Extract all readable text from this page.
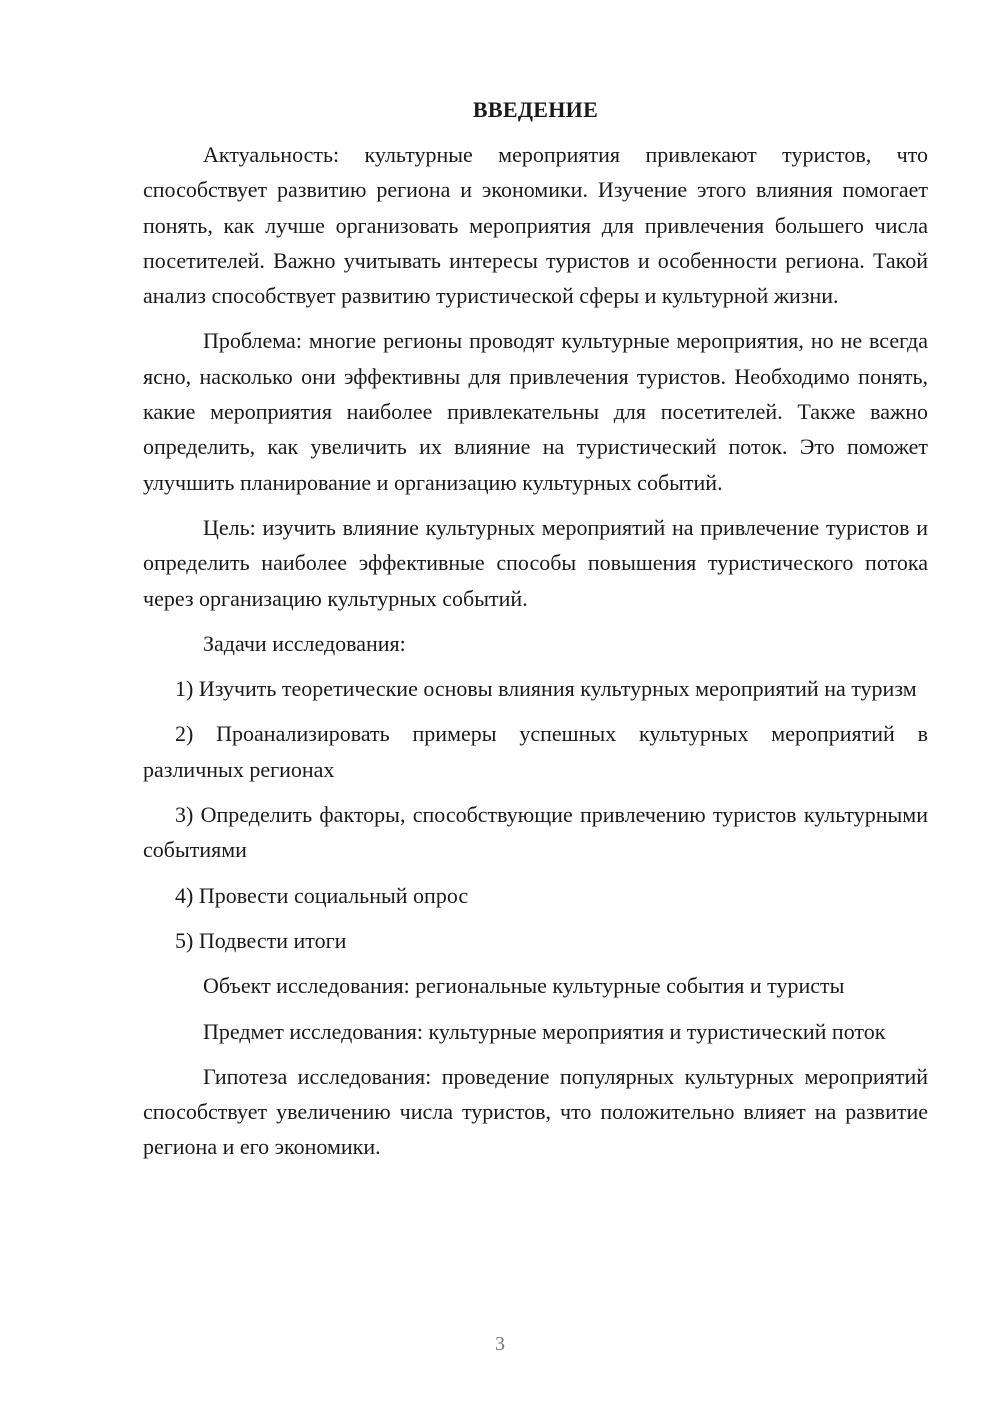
ВВЕДЕНИЕ

Актуальность: культурные мероприятия привлекают туристов, что способствует развитию региона и экономики. Изучение этого влияния помогает понять, как лучше организовать мероприятия для привлечения большего числа посетителей. Важно учитывать интересы туристов и особенности региона. Такой анализ способствует развитию туристической сферы и культурной жизни.

Проблема: многие регионы проводят культурные мероприятия, но не всегда ясно, насколько они эффективны для привлечения туристов. Необходимо понять, какие мероприятия наиболее привлекательны для посетителей. Также важно определить, как увеличить их влияние на туристический поток. Это поможет улучшить планирование и организацию культурных событий.

Цель: изучить влияние культурных мероприятий на привлечение туристов и определить наиболее эффективные способы повышения туристического потока через организацию культурных событий.

Задачи исследования:

1) Изучить теоретические основы влияния культурных мероприятий на туризм

2) Проанализировать примеры успешных культурных мероприятий в различных регионах

3) Определить факторы, способствующие привлечению туристов культурными событиями

4) Провести социальный опрос

5) Подвести итоги

Объект исследования: региональные культурные события и туристы

Предмет исследования: культурные мероприятия и туристический поток

Гипотеза исследования: проведение популярных культурных мероприятий способствует увеличению числа туристов, что положительно влияет на развитие региона и его экономики.

3
